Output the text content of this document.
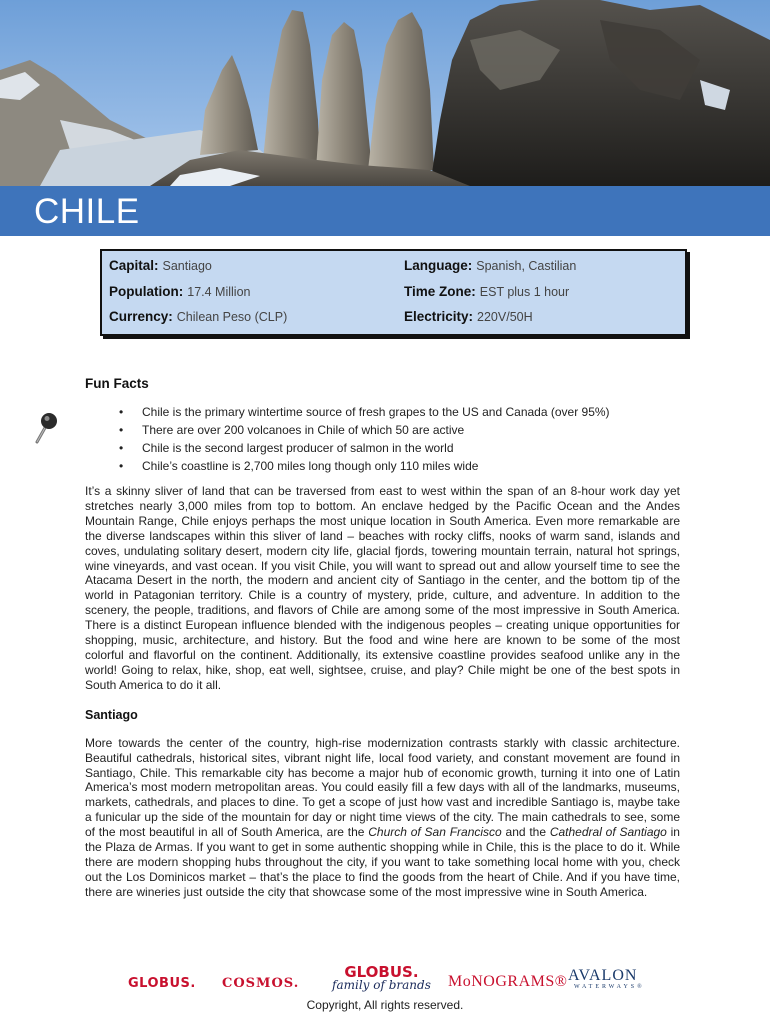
CHILE
Capital: Santiago	Language: Spanish, Castilian
Population: 17.4 Million	Time Zone: EST plus 1 hour
Currency: Chilean Peso (CLP)	Electricity: 220V/50H
Fun Facts
• Chile is the primary wintertime source of fresh grapes to the US and Canada (over 95%)
• There are over 200 volcanoes in Chile of which 50 are active
• Chile is the second largest producer of salmon in the world
• Chile’s coastline is 2,700 miles long though only 110 miles wide

It’s a skinny sliver of land that can be traversed from east to west within the span of an 8-hour work day yet stretches nearly 3,000 miles from top to bottom. An enclave hedged by the Pacific Ocean and the Andes Mountain Range, Chile enjoys perhaps the most unique location in South America. Even more remarkable are the diverse landscapes within this sliver of land – beaches with rocky cliffs, nooks of warm sand, islands and coves, undulating solitary desert, modern city life, glacial fjords, towering mountain terrain, natural hot springs, wine vineyards, and vast ocean. If you visit Chile, you will want to spread out and allow yourself time to see the Atacama Desert in the north, the modern and ancient city of Santiago in the center, and the bottom tip of the world in Patagonian territory. Chile is a country of mystery, pride, culture, and adventure. In addition to the scenery, the people, traditions, and flavors of Chile are among some of the most impressive in South America. There is a distinct European influence blended with the indigenous peoples – creating unique opportunities for shopping, music, architecture, and history. But the food and wine here are known to be some of the most colorful and flavorful on the continent. Additionally, its extensive coastline provides seafood unlike any in the world! Going to relax, hike, shop, eat well, sightsee, cruise, and play? Chile might be one of the best spots in South America to do it all.

Santiago

More towards the center of the country, high-rise modernization contrasts starkly with classic architecture. Beautiful cathedrals, historical sites, vibrant night life, local food variety, and constant movement are found in Santiago, Chile. This remarkable city has become a major hub of economic growth, turning it into one of Latin America’s most modern metropolitan areas. You could easily fill a few days with all of the landmarks, museums, markets, cathedrals, and places to dine. To get a scope of just how vast and incredible Santiago is, maybe take a funicular up the side of the mountain for day or night time views of the city. The main cathedrals to see, some of the most beautiful in all of South America, are the Church of San Francisco and the Cathedral of Santiago in the Plaza de Armas. If you want to get in some authentic shopping while in Chile, this is the place to do it. While there are modern shopping hubs throughout the city, if you want to take something local home with you, check out the Los Dominicos market – that’s the place to find the goods from the heart of Chile. And if you have time, there are wineries just outside the city that showcase some of the most impressive wine in South America.

GLOBUS. COSMOS.
GLOBUS.
family of brands MoNOGRAMS® AVALON
WATERWAYS®
Copyright, All rights reserved.
